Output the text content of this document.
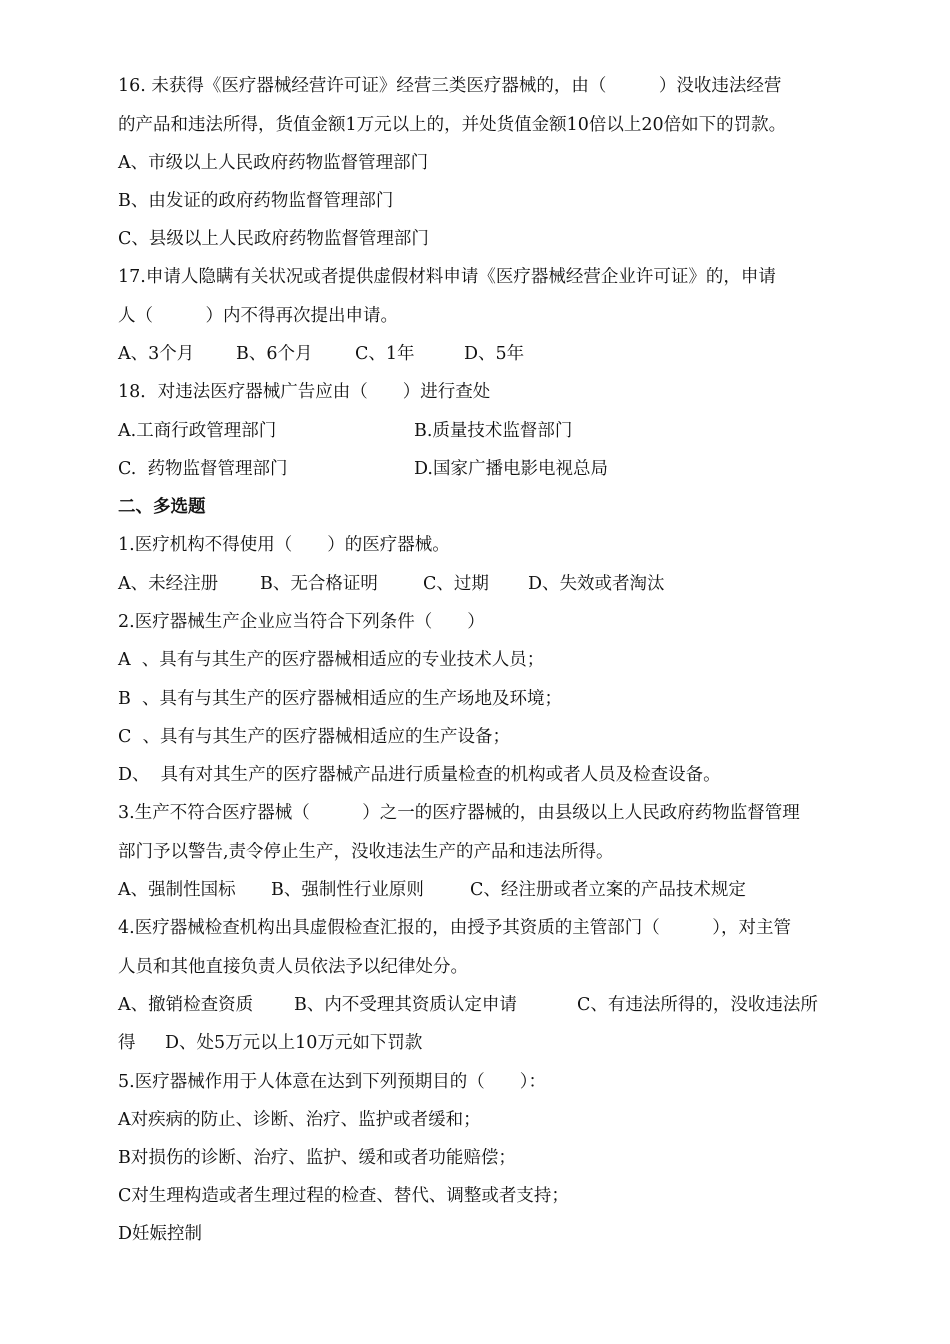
16. 未获得《医疗器械经营许可证》经营三类医疗器械的，由（　　　）没收违法经营
的产品和违法所得，货值金额1万元以上的，并处货值金额10倍以上20倍如下的罚款。
A、市级以上人民政府药物监督管理部门
B、由发证的政府药物监督管理部门
C、县级以上人民政府药物监督管理部门
17.申请人隐瞒有关状况或者提供虚假材料申请《医疗器械经营企业许可证》的，申请
人（　　　）内不得再次提出申请。
A、3个月 B、6个月 C、1年	D、5年
18．对违法医疗器械广告应由（　　）进行查处
A.工商行政管理部门	B.质量技术监督部门
C.  药物监督管理部门	D.国家广播电影电视总局
二、多选题
1.医疗机构不得使用（　　）的医疗器械。
A、未经注册 B、无合格证明	C、过期 D、失效或者淘汰
2.医疗器械生产企业应当符合下列条件（　　）
A  、具有与其生产的医疗器械相适应的专业技术人员；
B  、具有与其生产的医疗器械相适应的生产场地及环境；
C  、具有与其生产的医疗器械相适应的生产设备；
D、  具有对其生产的医疗器械产品进行质量检查的机构或者人员及检查设备。
3.生产不符合医疗器械（　　　）之一的医疗器械的，由县级以上人民政府药物监督管理
部门予以警告,责令停止生产，没收违法生产的产品和违法所得。
A、强制性国标 B、强制性行业原则	C、经注册或者立案的产品技术规定
4.医疗器械检查机构出具虚假检查汇报的，由授予其资质的主管部门（　　　），对主管
人员和其他直接负责人员依法予以纪律处分。
A、撤销检查资质 B、内不受理其资质认定申请	C、有违法所得的，没收违法所
得 D、处5万元以上10万元如下罚款
5.医疗器械作用于人体意在达到下列预期目的（　　）：
A对疾病的防止、诊断、治疗、监护或者缓和；
B对损伤的诊断、治疗、监护、缓和或者功能赔偿；
C对生理构造或者生理过程的检查、替代、调整或者支持；
D妊娠控制
